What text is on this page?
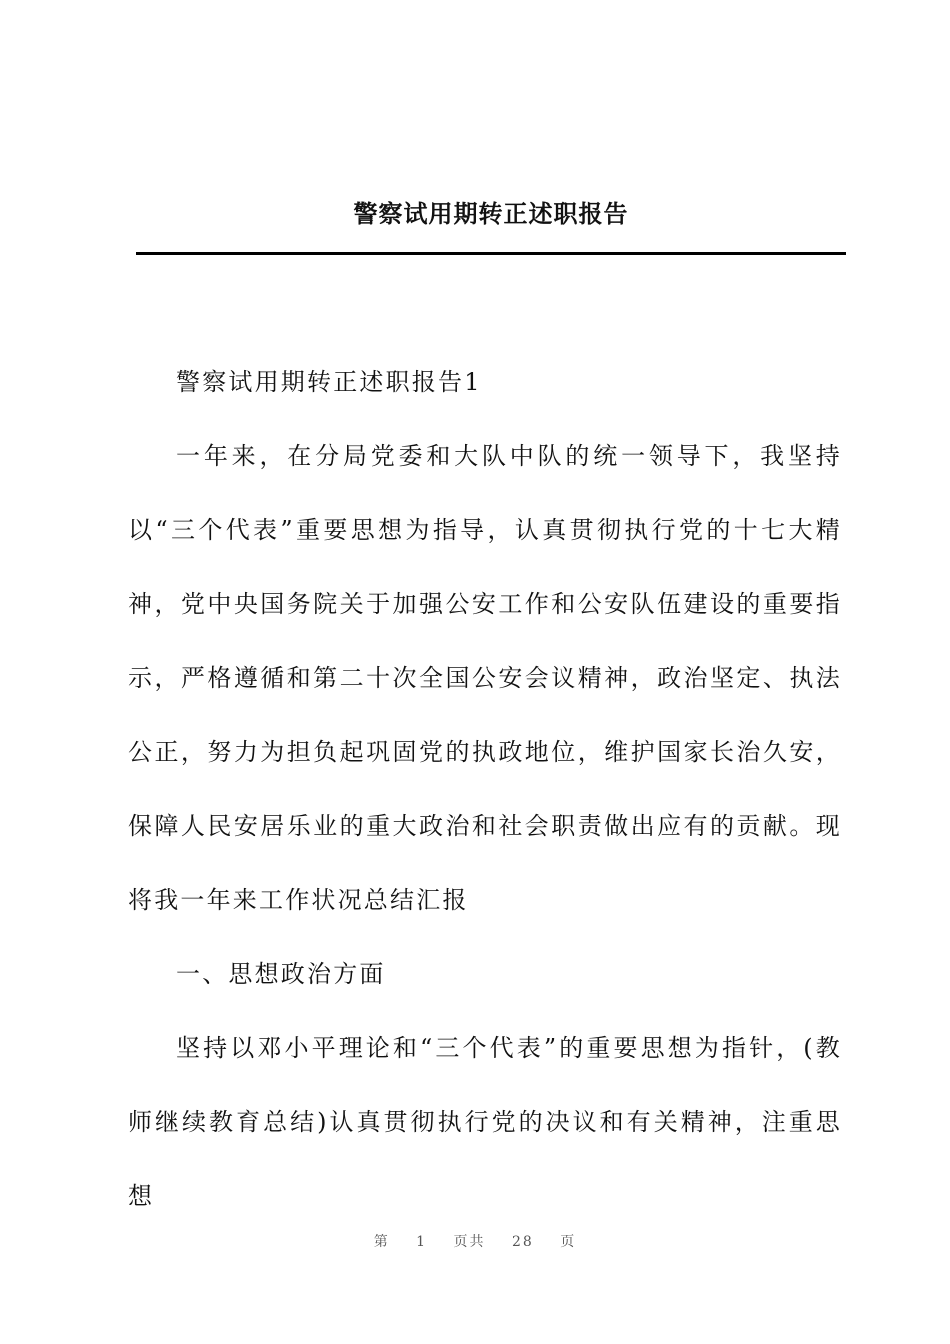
警察试用期转正述职报告

警察试用期转正述职报告1

一年来，在分局党委和大队中队的统一领导下，我坚持以“三个代表”重要思想为指导，认真贯彻执行党的十七大精神，党中央国务院关于加强公安工作和公安队伍建设的重要指示，严格遵循和第二十次全国公安会议精神，政治坚定、执法公正，努力为担负起巩固党的执政地位，维护国家长治久安，保障人民安居乐业的重大政治和社会职责做出应有的贡献。现将我一年来工作状况总结汇报

一、思想政治方面

坚持以邓小平理论和“三个代表”的重要思想为指针，(教师继续教育总结)认真贯彻执行党的决议和有关精神，注重思想

第 1 页共 28 页
